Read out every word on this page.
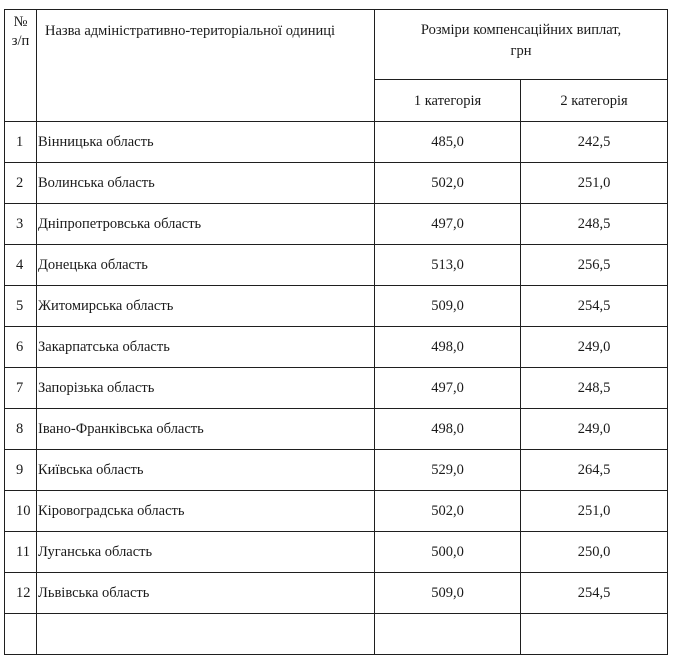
№
з/п	Назва адміністративно-територіальної одиниці	Розміри компенсаційних виплат,
грн	
		1 категорія	2 категорія
1	Вінницька область	485,0	242,5
2	Волинська область	502,0	251,0
3	Дніпропетровська область	497,0	248,5
4	Донецька область	513,0	256,5
5	Житомирська область	509,0	254,5
6	Закарпатська область	498,0	249,0
7	Запорізька область	497,0	248,5
8	Івано-Франківська область	498,0	249,0
9	Київська область	529,0	264,5
10	Кіровоградська область	502,0	251,0
11	Луганська область	500,0	250,0
12	Львівська область	509,0	254,5
